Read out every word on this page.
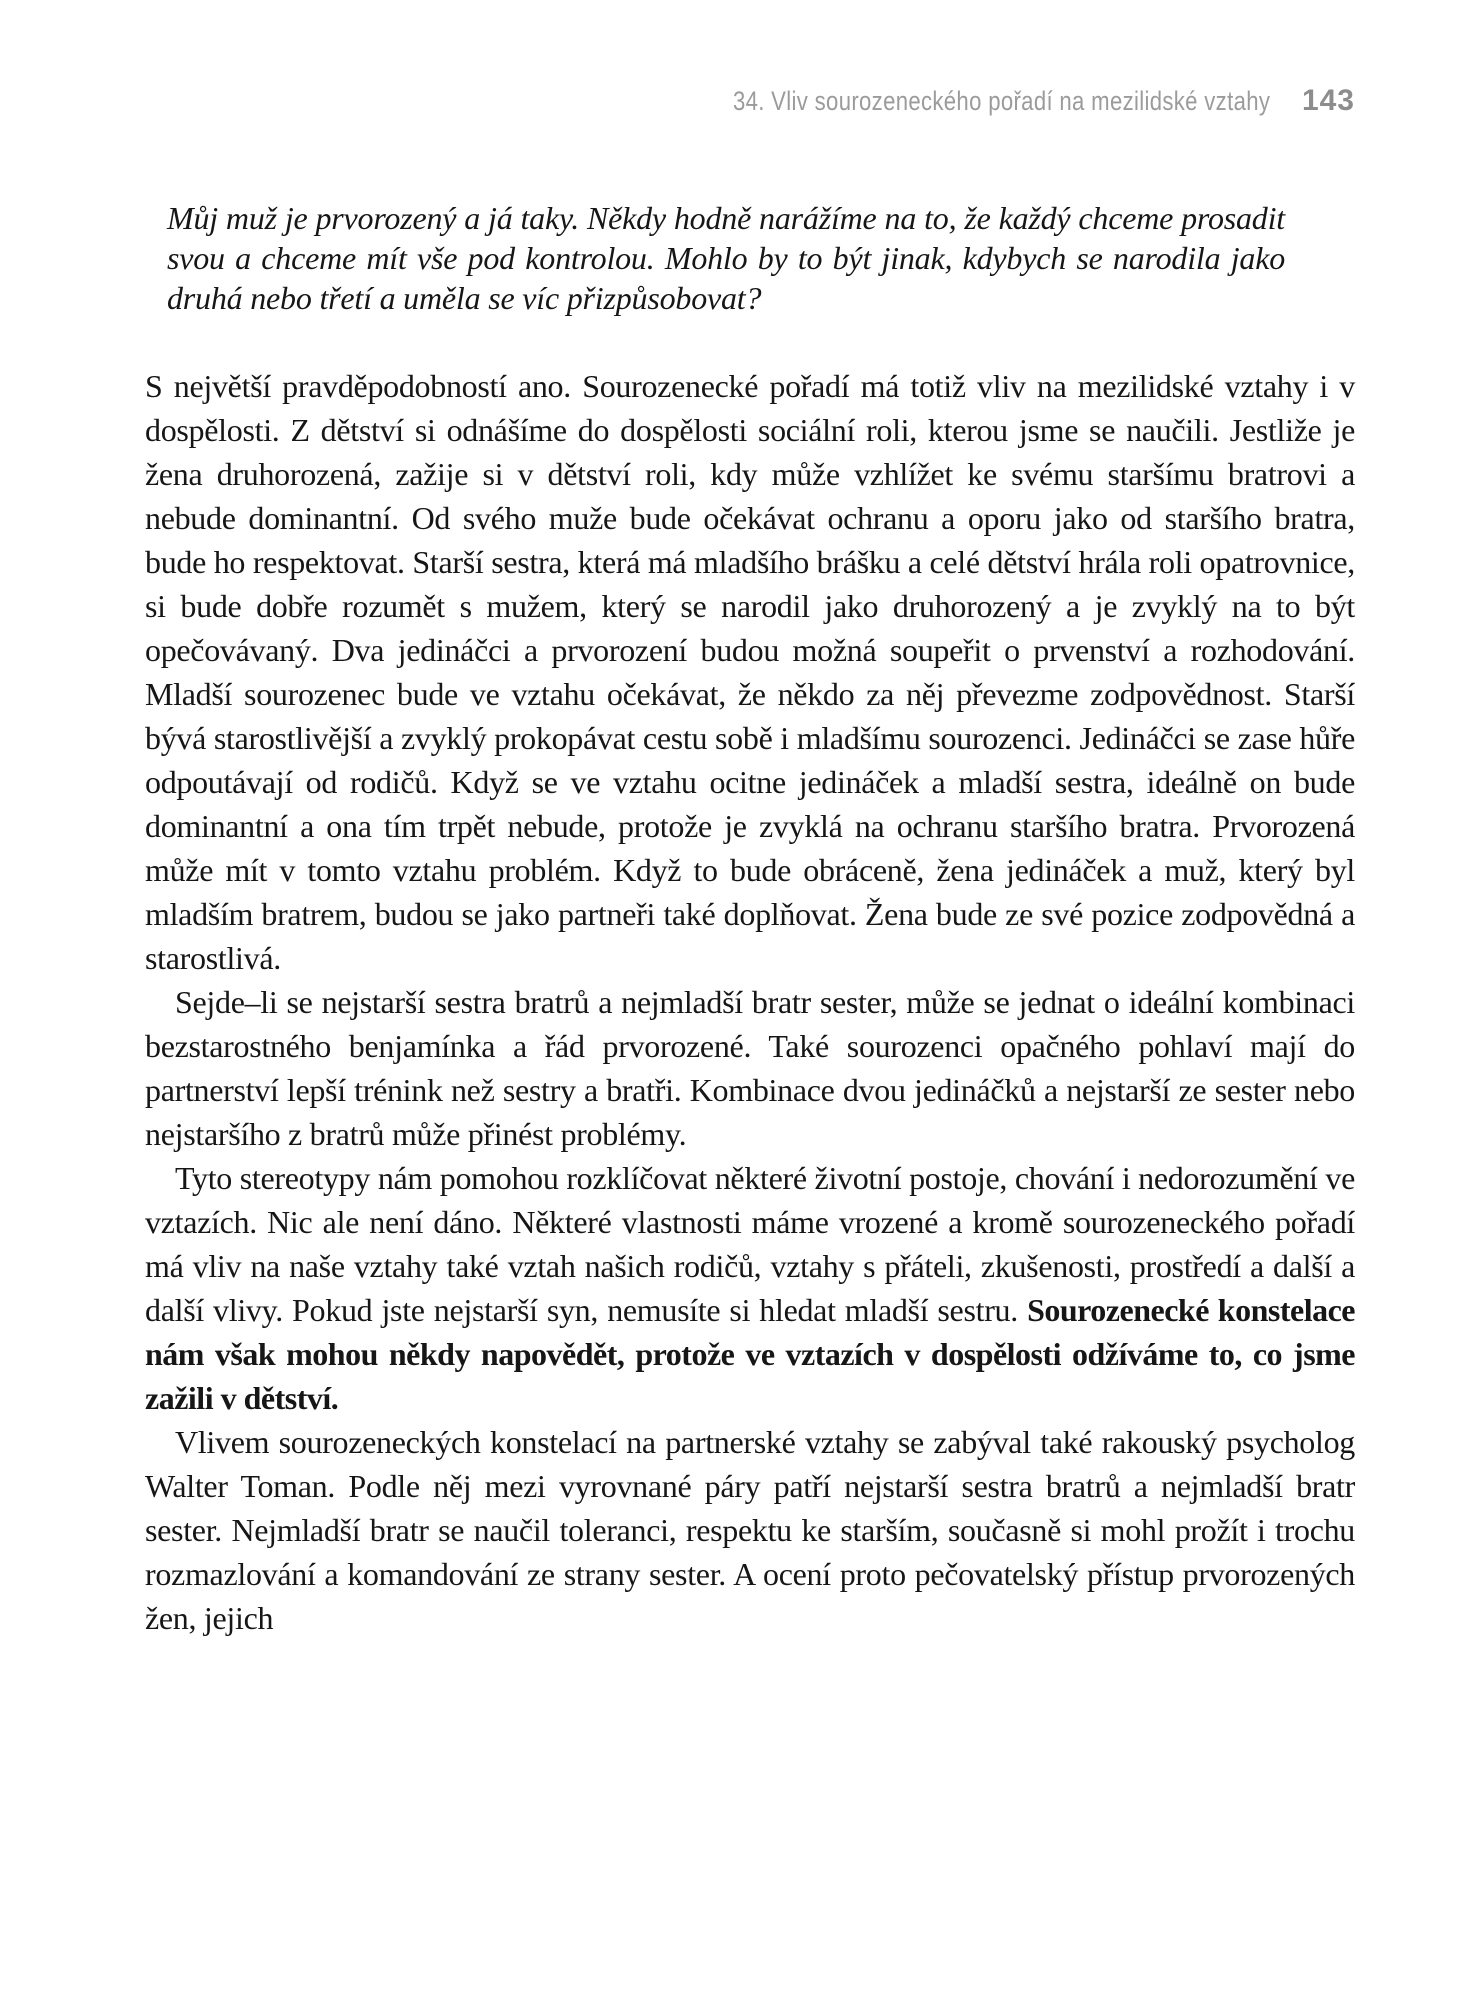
34. Vliv sourozeneckého pořadí na mezilidské vztahy 143
Můj muž je prvorozený a já taky. Někdy hodně narážíme na to, že každý chceme prosadit svou a chceme mít vše pod kontrolou. Mohlo by to být jinak, kdybych se narodila jako druhá nebo třetí a uměla se víc přizpůsobovat?

S největší pravděpodobností ano. Sourozenecké pořadí má totiž vliv na mezilidské vztahy i v dospělosti. Z dětství si odnášíme do dospělosti sociální roli, kterou jsme se naučili. Jestliže je žena druhorozená, zažije si v dětství roli, kdy může vzhlížet ke svému staršímu bratrovi a nebude dominantní. Od svého muže bude očekávat ochranu a oporu jako od staršího bratra, bude ho respektovat. Starší sestra, která má mladšího brášku a celé dětství hrála roli opatrovnice, si bude dobře rozumět s mužem, který se narodil jako druhorozený a je zvyklý na to být opečovávaný. Dva jedináčci a prvorození budou možná soupeřit o prvenství a rozhodování. Mladší sourozenec bude ve vztahu očekávat, že někdo za něj převezme zodpovědnost. Starší bývá starostlivější a zvyklý prokopávat cestu sobě i mladšímu sourozenci. Jedináčci se zase hůře odpoutávají od rodičů. Když se ve vztahu ocitne jedináček a mladší sestra, ideálně on bude dominantní a ona tím trpět nebude, protože je zvyklá na ochranu staršího bratra. Prvorozená může mít v tomto vztahu problém. Když to bude obráceně, žena jedináček a muž, který byl mladším bratrem, budou se jako partneři také doplňovat. Žena bude ze své pozice zodpovědná a starostlivá.

Sejde–li se nejstarší sestra bratrů a nejmladší bratr sester, může se jednat o ideální kombinaci bezstarostného benjamínka a řád prvorozené. Také sourozenci opačného pohlaví mají do partnerství lepší trénink než sestry a bratři. Kombinace dvou jedináčků a nejstarší ze sester nebo nejstaršího z bratrů může přinést problémy.

Tyto stereotypy nám pomohou rozklíčovat některé životní postoje, chování i nedorozumění ve vztazích. Nic ale není dáno. Některé vlastnosti máme vrozené a kromě sourozeneckého pořadí má vliv na naše vztahy také vztah našich rodičů, vztahy s přáteli, zkušenosti, prostředí a další a další vlivy. Pokud jste nejstarší syn, nemusíte si hledat mladší sestru. Sourozenecké konstelace nám však mohou někdy napovědět, protože ve vztazích v dospělosti odžíváme to, co jsme zažili v dětství.

Vlivem sourozeneckých konstelací na partnerské vztahy se zabýval také rakouský psycholog Walter Toman. Podle něj mezi vyrovnané páry patří nejstarší sestra bratrů a nejmladší bratr sester. Nejmladší bratr se naučil toleranci, respektu ke starším, současně si mohl prožít i trochu rozmazlování a komandování ze strany sester. A ocení proto pečovatelský přístup prvorozených žen, jejich
